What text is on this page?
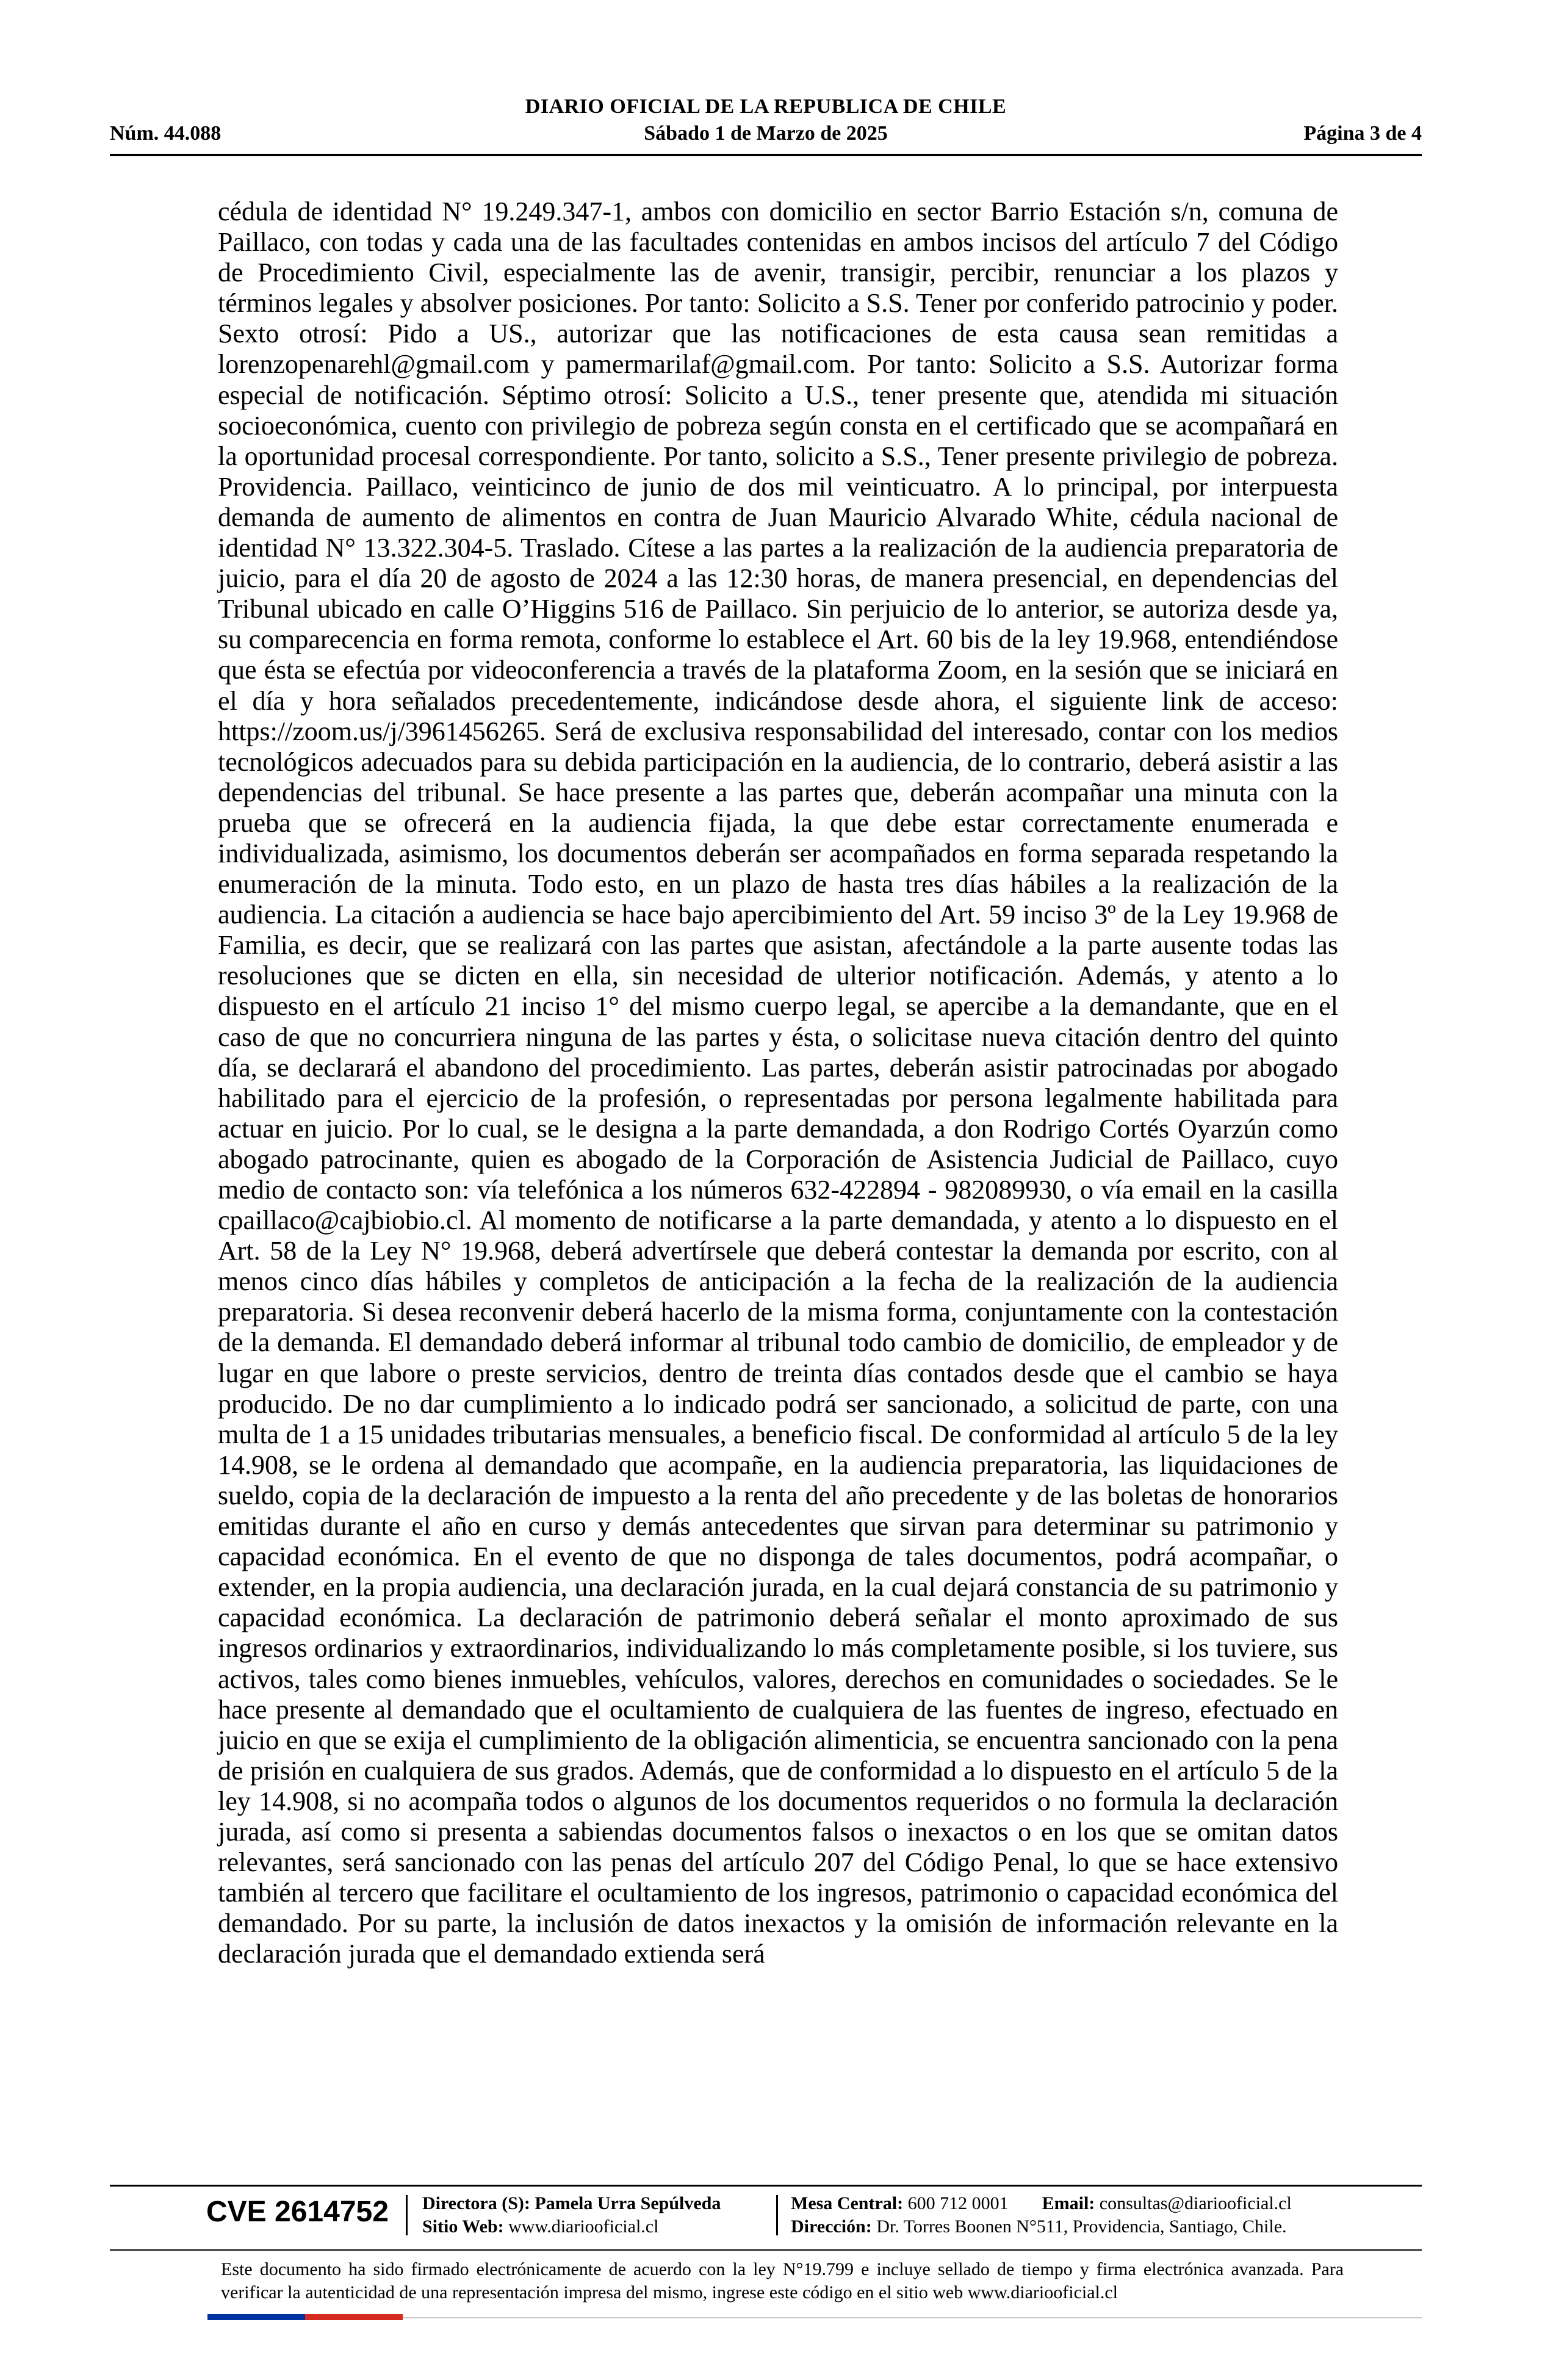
DIARIO OFICIAL DE LA REPUBLICA DE CHILE
Núm. 44.088	Sábado 1 de Marzo de 2025	Página 3 de 4

cédula de identidad N° 19.249.347-1, ambos con domicilio en sector Barrio Estación s/n, comuna de Paillaco, con todas y cada una de las facultades contenidas en ambos incisos del artículo 7 del Código de Procedimiento Civil, especialmente las de avenir, transigir, percibir, renunciar a los plazos y términos legales y absolver posiciones. Por tanto: Solicito a S.S. Tener por conferido patrocinio y poder. Sexto otrosí: Pido a US., autorizar que las notificaciones de esta causa sean remitidas a lorenzopenarehl@gmail.com y pamermarilaf@gmail.com. Por tanto: Solicito a S.S. Autorizar forma especial de notificación. Séptimo otrosí: Solicito a U.S., tener presente que, atendida mi situación socioeconómica, cuento con privilegio de pobreza según consta en el certificado que se acompañará en la oportunidad procesal correspondiente. Por tanto, solicito a S.S., Tener presente privilegio de pobreza. Providencia. Paillaco, veinticinco de junio de dos mil veinticuatro. A lo principal, por interpuesta demanda de aumento de alimentos en contra de Juan Mauricio Alvarado White, cédula nacional de identidad N° 13.322.304-5. Traslado. Cítese a las partes a la realización de la audiencia preparatoria de juicio, para el día 20 de agosto de 2024 a las 12:30 horas, de manera presencial, en dependencias del Tribunal ubicado en calle O’Higgins 516 de Paillaco. Sin perjuicio de lo anterior, se autoriza desde ya, su comparecencia en forma remota, conforme lo establece el Art. 60 bis de la ley 19.968, entendiéndose que ésta se efectúa por videoconferencia a través de la plataforma Zoom, en la sesión que se iniciará en el día y hora señalados precedentemente, indicándose desde ahora, el siguiente link de acceso: https://zoom.us/j/3961456265. Será de exclusiva responsabilidad del interesado, contar con los medios tecnológicos adecuados para su debida participación en la audiencia, de lo contrario, deberá asistir a las dependencias del tribunal. Se hace presente a las partes que, deberán acompañar una minuta con la prueba que se ofrecerá en la audiencia fijada, la que debe estar correctamente enumerada e individualizada, asimismo, los documentos deberán ser acompañados en forma separada respetando la enumeración de la minuta. Todo esto, en un plazo de hasta tres días hábiles a la realización de la audiencia. La citación a audiencia se hace bajo apercibimiento del Art. 59 inciso 3º de la Ley 19.968 de Familia, es decir, que se realizará con las partes que asistan, afectándole a la parte ausente todas las resoluciones que se dicten en ella, sin necesidad de ulterior notificación. Además, y atento a lo dispuesto en el artículo 21 inciso 1° del mismo cuerpo legal, se apercibe a la demandante, que en el caso de que no concurriera ninguna de las partes y ésta, o solicitase nueva citación dentro del quinto día, se declarará el abandono del procedimiento. Las partes, deberán asistir patrocinadas por abogado habilitado para el ejercicio de la profesión, o representadas por persona legalmente habilitada para actuar en juicio. Por lo cual, se le designa a la parte demandada, a don Rodrigo Cortés Oyarzún como abogado patrocinante, quien es abogado de la Corporación de Asistencia Judicial de Paillaco, cuyo medio de contacto son: vía telefónica a los números 632-422894 - 982089930, o vía email en la casilla cpaillaco@cajbiobio.cl. Al momento de notificarse a la parte demandada, y atento a lo dispuesto en el Art. 58 de la Ley N° 19.968, deberá advertírsele que deberá contestar la demanda por escrito, con al menos cinco días hábiles y completos de anticipación a la fecha de la realización de la audiencia preparatoria. Si desea reconvenir deberá hacerlo de la misma forma, conjuntamente con la contestación de la demanda. El demandado deberá informar al tribunal todo cambio de domicilio, de empleador y de lugar en que labore o preste servicios, dentro de treinta días contados desde que el cambio se haya producido. De no dar cumplimiento a lo indicado podrá ser sancionado, a solicitud de parte, con una multa de 1 a 15 unidades tributarias mensuales, a beneficio fiscal. De conformidad al artículo 5 de la ley 14.908, se le ordena al demandado que acompañe, en la audiencia preparatoria, las liquidaciones de sueldo, copia de la declaración de impuesto a la renta del año precedente y de las boletas de honorarios emitidas durante el año en curso y demás antecedentes que sirvan para determinar su patrimonio y capacidad económica. En el evento de que no disponga de tales documentos, podrá acompañar, o extender, en la propia audiencia, una declaración jurada, en la cual dejará constancia de su patrimonio y capacidad económica. La declaración de patrimonio deberá señalar el monto aproximado de sus ingresos ordinarios y extraordinarios, individualizando lo más completamente posible, si los tuviere, sus activos, tales como bienes inmuebles, vehículos, valores, derechos en comunidades o sociedades. Se le hace presente al demandado que el ocultamiento de cualquiera de las fuentes de ingreso, efectuado en juicio en que se exija el cumplimiento de la obligación alimenticia, se encuentra sancionado con la pena de prisión en cualquiera de sus grados. Además, que de conformidad a lo dispuesto en el artículo 5 de la ley 14.908, si no acompaña todos o algunos de los documentos requeridos o no formula la declaración jurada, así como si presenta a sabiendas documentos falsos o inexactos o en los que se omitan datos relevantes, será sancionado con las penas del artículo 207 del Código Penal, lo que se hace extensivo también al tercero que facilitare el ocultamiento de los ingresos, patrimonio o capacidad económica del demandado. Por su parte, la inclusión de datos inexactos y la omisión de información relevante en la declaración jurada que el demandado extienda será

CVE 2614752 Directora (S): Pamela Urra Sepúlveda
Sitio Web: www.diariooficial.cl
Mesa Central: 600 712 0001 Email: consultas@diariooficial.cl
Dirección: Dr. Torres Boonen N°511, Providencia, Santiago, Chile.
Este documento ha sido firmado electrónicamente de acuerdo con la ley N°19.799 e incluye sellado de tiempo y firma electrónica avanzada. Para verificar la autenticidad de una representación impresa del mismo, ingrese este código en el sitio web www.diariooficial.cl
